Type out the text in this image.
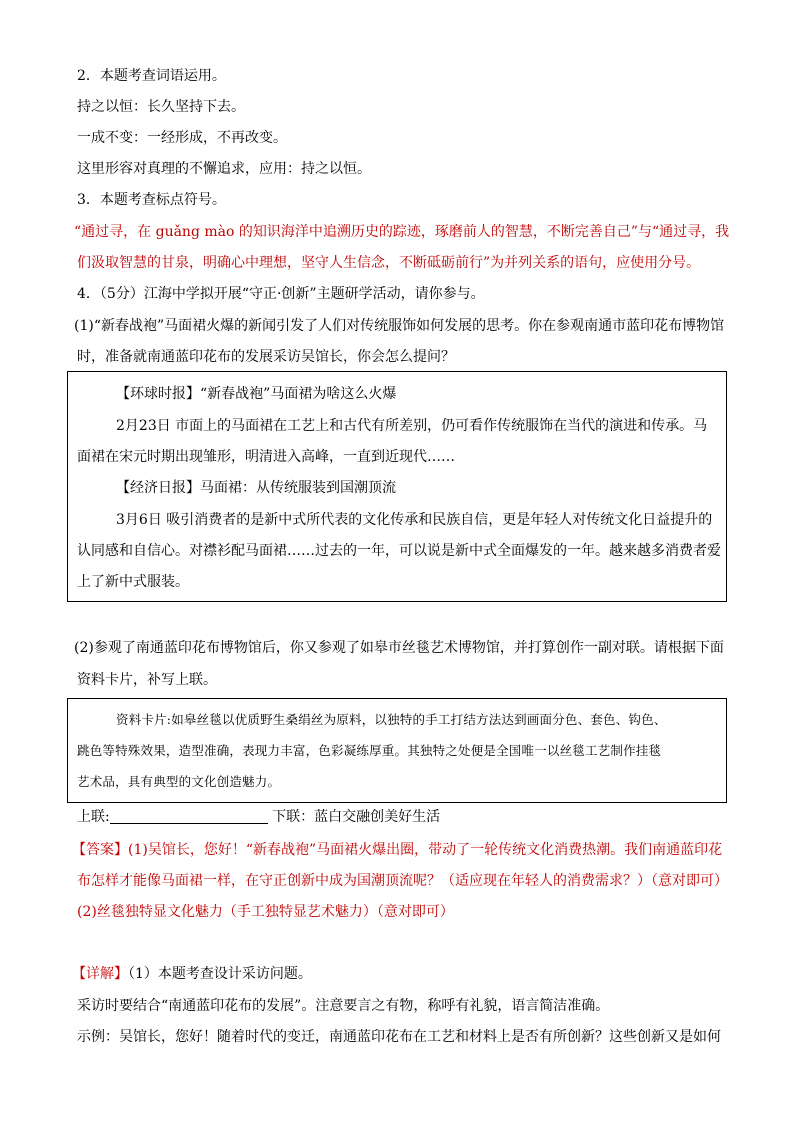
2．本题考查词语运用。
持之以恒：长久坚持下去。
一成不变：一经形成，不再改变。
这里形容对真理的不懈追求，应用：持之以恒。
3．本题考查标点符号。
“通过寻，在 guǎng mào 的知识海洋中追溯历史的踪迹，琢磨前人的智慧，不断完善自己”与“通过寻，我
们汲取智慧的甘泉，明确心中理想，坚守人生信念，不断砥砺前行”为并列关系的语句，应使用分号。
4．（5分）江海中学拟开展“守正·创新”主题研学活动，请你参与。
(1)“新春战袍”马面裙火爆的新闻引发了人们对传统服饰如何发展的思考。你在参观南通市蓝印花布博物馆
时，准备就南通蓝印花布的发展采访吴馆长，你会怎么提问？
【环球时报】“新春战袍”马面裙为啥这么火爆
2月23日 市面上的马面裙在工艺上和古代有所差别，仍可看作传统服饰在当代的演进和传承。马
面裙在宋元时期出现雏形，明清进入高峰，一直到近现代……
【经济日报】马面裙：从传统服装到国潮顶流
3月6日 吸引消费者的是新中式所代表的文化传承和民族自信，更是年轻人对传统文化日益提升的
认同感和自信心。对襟衫配马面裙……过去的一年，可以说是新中式全面爆发的一年。越来越多消费者爱
上了新中式服装。
(2)参观了南通蓝印花布博物馆后，你又参观了如皋市丝毯艺术博物馆，并打算创作一副对联。请根据下面
资料卡片，补写上联。
资料卡片:如皋丝毯以优质野生桑绢丝为原料，以独特的手工打结方法达到画面分色、套色、钩色、
跳色等特殊效果，造型准确，表现力丰富，色彩凝练厚重。其独特之处便是全国唯一以丝毯工艺制作挂毯
艺术品，具有典型的文化创造魅力。
上联:	下联：蓝白交融创美好生活
【答案】(1)吴馆长，您好！“新春战袍”马面裙火爆出圈，带动了一轮传统文化消费热潮。我们南通蓝印花
布怎样才能像马面裙一样，在守正创新中成为国潮顶流呢？（适应现在年轻人的消费需求？）（意对即可）
(2)丝毯独特显文化魅力（手工独特显艺术魅力）（意对即可）
【详解】（1）本题考查设计采访问题。
采访时要结合“南通蓝印花布的发展”。注意要言之有物，称呼有礼貌，语言简洁准确。
示例：吴馆长，您好！随着时代的变迁，南通蓝印花布在工艺和材料上是否有所创新？这些创新又是如何
